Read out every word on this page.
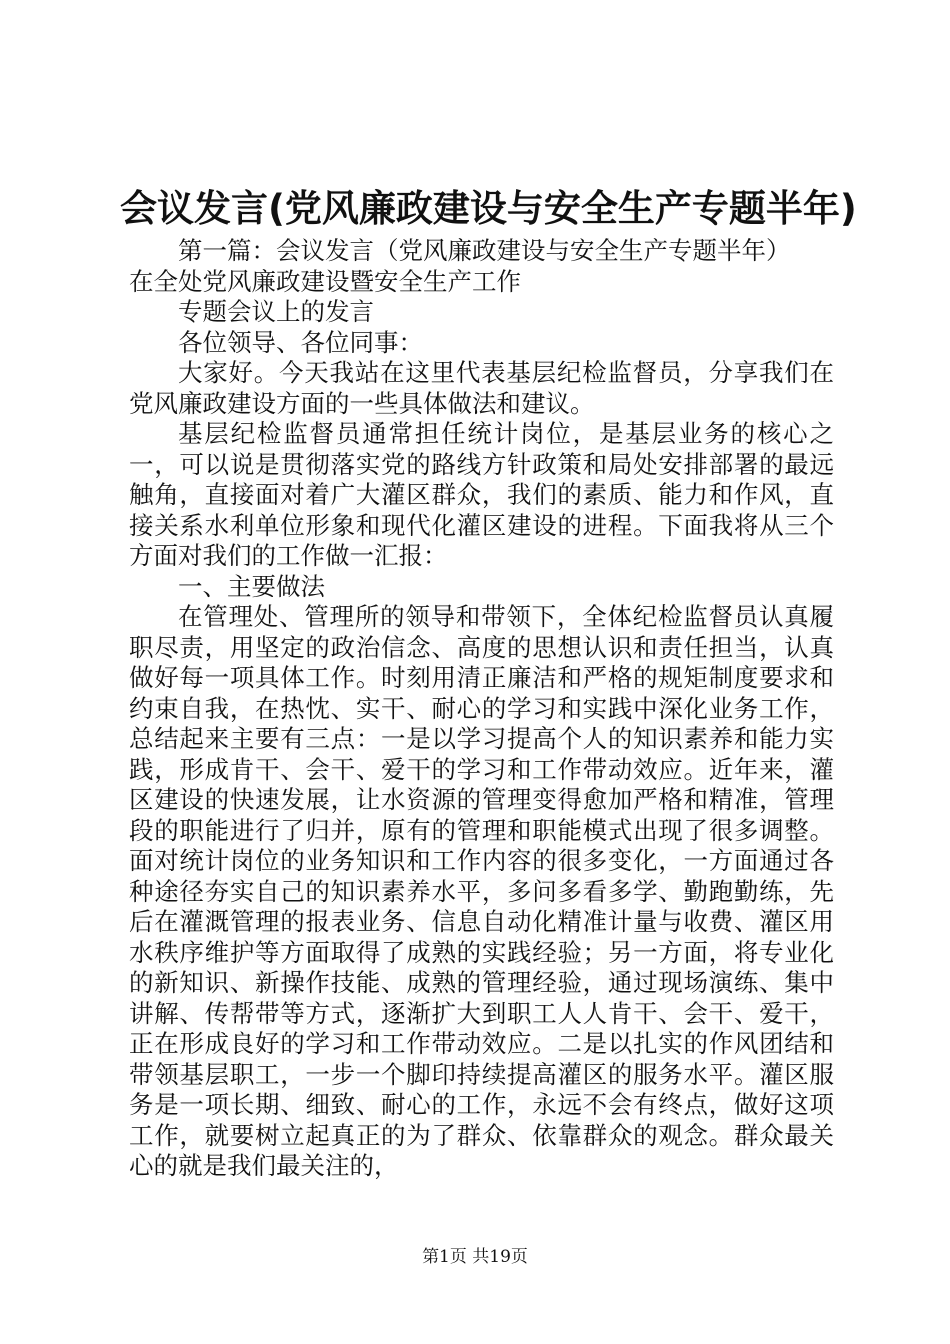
会议发言(党风廉政建设与安全生产专题半年)

第一篇：会议发言（党风廉政建设与安全生产专题半年）

在全处党风廉政建设暨安全生产工作

专题会议上的发言

各位领导、各位同事：

大家好。今天我站在这里代表基层纪检监督员，分享我们在党风廉政建设方面的一些具体做法和建议。

基层纪检监督员通常担任统计岗位，是基层业务的核心之一，可以说是贯彻落实党的路线方针政策和局处安排部署的最远触角，直接面对着广大灌区群众，我们的素质、能力和作风，直接关系水利单位形象和现代化灌区建设的进程。下面我将从三个方面对我们的工作做一汇报：

一、主要做法

在管理处、管理所的领导和带领下，全体纪检监督员认真履职尽责，用坚定的政治信念、高度的思想认识和责任担当，认真做好每一项具体工作。时刻用清正廉洁和严格的规矩制度要求和约束自我，在热忱、实干、耐心的学习和实践中深化业务工作，总结起来主要有三点：一是以学习提高个人的知识素养和能力实践，形成肯干、会干、爱干的学习和工作带动效应。近年来，灌区建设的快速发展，让水资源的管理变得愈加严格和精准，管理段的职能进行了归并，原有的管理和职能模式出现了很多调整。面对统计岗位的业务知识和工作内容的很多变化，一方面通过各种途径夯实自己的知识素养水平，多问多看多学、勤跑勤练，先后在灌溉管理的报表业务、信息自动化精准计量与收费、灌区用水秩序维护等方面取得了成熟的实践经验；另一方面，将专业化的新知识、新操作技能、成熟的管理经验，通过现场演练、集中讲解、传帮带等方式，逐渐扩大到职工人人肯干、会干、爱干，正在形成良好的学习和工作带动效应。二是以扎实的作风团结和带领基层职工，一步一个脚印持续提高灌区的服务水平。灌区服务是一项长期、细致、耐心的工作，永远不会有终点，做好这项工作，就要树立起真正的为了群众、依靠群众的观念。群众最关心的就是我们最关注的，

第1页 共19页
